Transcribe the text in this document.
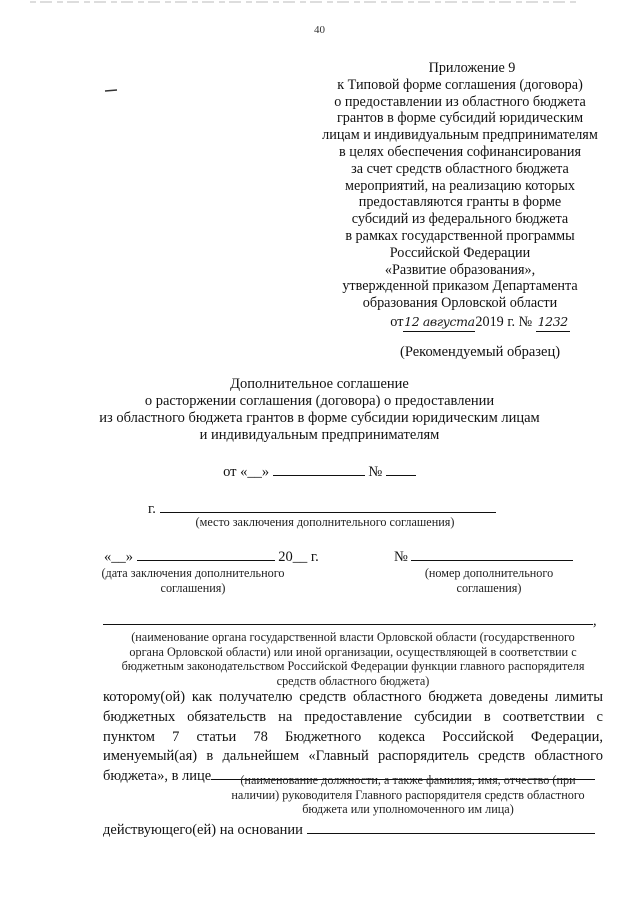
40
Приложение 9
к Типовой форме соглашения (договора)
о предоставлении из областного бюджета
грантов в форме субсидий юридическим
лицам и индивидуальным предпринимателям
в целях обеспечения софинансирования
за счет средств областного бюджета
мероприятий, на реализацию которых
предоставляются гранты в форме
субсидий из федерального бюджета
в рамках государственной программы
Российской Федерации
«Развитие образования»,
утвержденной приказом Департамента
образования Орловской области
от12 августа2019 г. № 1232
(Рекомендуемый образец)
Дополнительное соглашение
о расторжении соглашения (договора) о предоставлении
из областного бюджета грантов в форме субсидии юридическим лицам
и индивидуальным предпринимателям
от «__»	№
г.
(место заключения дополнительного соглашения)
«__»	20__ г.
(дата заключения дополнительного
соглашения)
№
(номер дополнительного
соглашения)
,
(наименование органа государственной власти Орловской области (государственного
органа Орловской области) или иной организации, осуществляющей в соответствии с
бюджетным законодательством Российской Федерации функции главного распорядителя
средств областного бюджета)
которому(ой) как получателю средств областного бюджета доведены лимиты
бюджетных обязательств на предоставление субсидии в соответствии с
пунктом 7 статьи 78 Бюджетного кодекса Российской Федерации,
именуемый(ая) в дальнейшем «Главный распорядитель средств областного
бюджета», в лице	(наименование должности, а также фамилия, имя, отчество (при
наличии) руководителя Главного распорядителя средств областного
бюджета или уполномоченного им лица)
действующего(ей) на основании
